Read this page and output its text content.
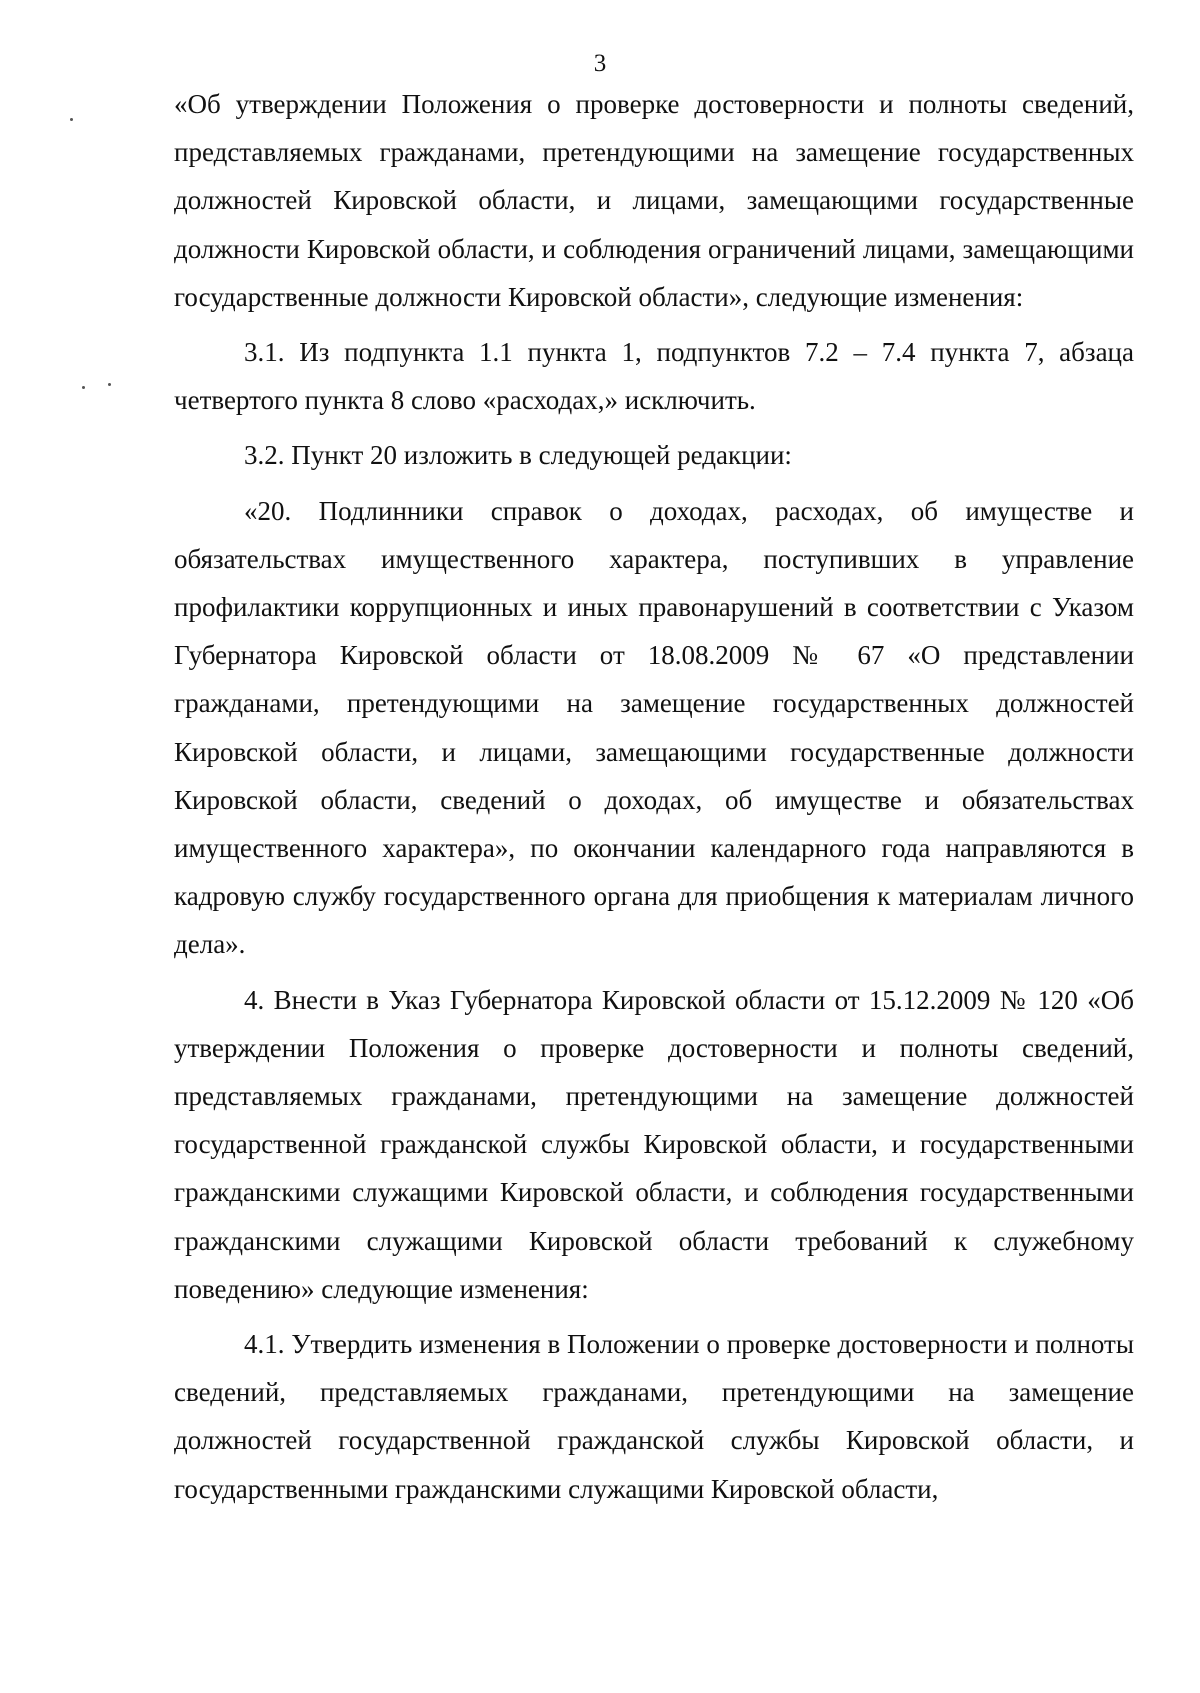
3

«Об утверждении Положения о проверке достоверности и полноты сведений, представляемых гражданами, претендующими на замещение государственных должностей Кировской области, и лицами, замещающими государственные должности Кировской области, и соблюдения ограничений лицами, замещающими государственные должности Кировской области», следующие изменения:

3.1. Из подпункта 1.1 пункта 1, подпунктов 7.2 – 7.4 пункта 7, абзаца четвертого пункта 8 слово «расходах,» исключить.

3.2. Пункт 20 изложить в следующей редакции:

«20. Подлинники справок о доходах, расходах, об имуществе и обязательствах имущественного характера, поступивших в управление профилактики коррупционных и иных правонарушений в соответствии с Указом Губернатора Кировской области от 18.08.2009 № 67 «О представлении гражданами, претендующими на замещение государственных должностей Кировской области, и лицами, замещающими государственные должности Кировской области, сведений о доходах, об имуществе и обязательствах имущественного характера», по окончании календарного года направляются в кадровую службу государственного органа для приобщения к материалам личного дела».

4. Внести в Указ Губернатора Кировской области от 15.12.2009 № 120 «Об утверждении Положения о проверке достоверности и полноты сведений, представляемых гражданами, претендующими на замещение должностей государственной гражданской службы Кировской области, и государственными гражданскими служащими Кировской области, и соблюдения государственными гражданскими служащими Кировской области требований к служебному поведению» следующие изменения:

4.1. Утвердить изменения в Положении о проверке достоверности и полноты сведений, представляемых гражданами, претендующими на замещение должностей государственной гражданской службы Кировской области, и государственными гражданскими служащими Кировской области,
